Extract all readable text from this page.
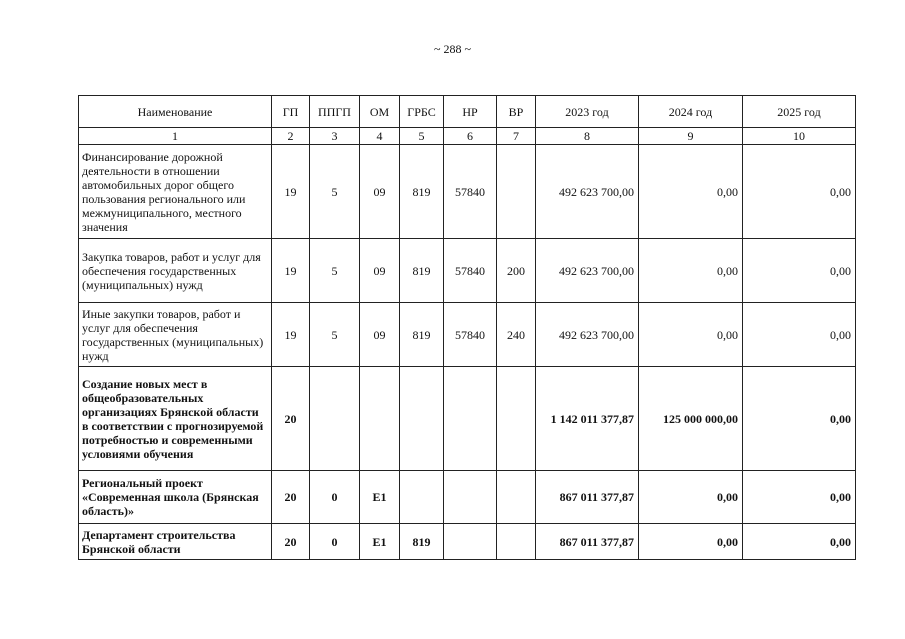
~ 288 ~
Наименование	ГП	ППГП	ОМ	ГРБС	НР	ВР	2023 год	2024 год	2025 год
1	2	3	4	5	6	7	8	9	10
Финансирование дорожной деятельности в отношении автомобильных дорог общего пользования регионального или межмуниципального, местного значения	19	5	09	819	57840		492 623 700,00	0,00	0,00
Закупка товаров, работ и услуг для обеспечения государственных (муниципальных) нужд	19	5	09	819	57840	200	492 623 700,00	0,00	0,00
Иные закупки товаров, работ и услуг для обеспечения государственных (муниципальных) нужд	19	5	09	819	57840	240	492 623 700,00	0,00	0,00
Создание новых мест в общеобразовательных организациях Брянской области в соответствии с прогнозируемой потребностью и современными условиями обучения	20						1 142 011 377,87	125 000 000,00	0,00
Региональный проект «Современная школа (Брянская область)»	20	0	E1				867 011 377,87	0,00	0,00
Департамент строительства Брянской области	20	0	E1	819			867 011 377,87	0,00	0,00
